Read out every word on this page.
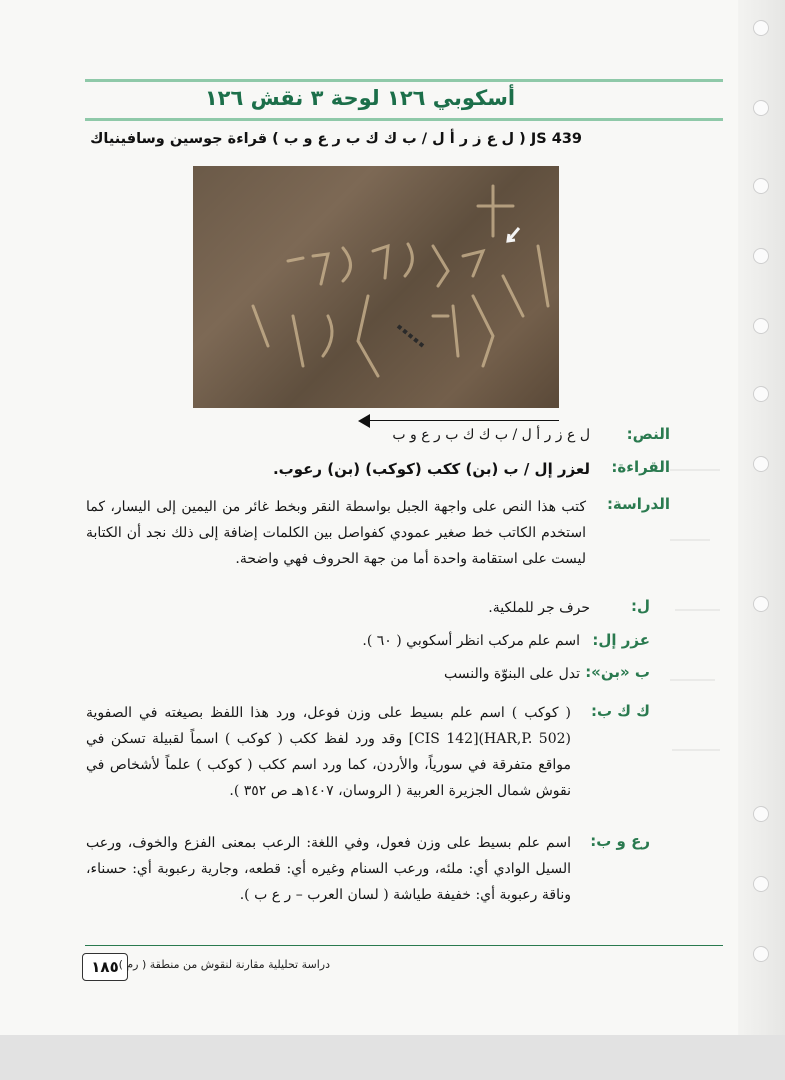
أسكوبي ١٢٦ لوحة ٣ نقش ١٢٦
JS 439 ( ل ع ز ر أ ل / ب ك ك ب ر ع و ب ) قراءة جوسين وسافينياك
النص:
القراءة:
الدراسة:
ل:
عزر إل:
ب «بن»:
ك ك ب:
رع و ب:
ل ع ز ر أ ل / ب ك ك ب ر ع و ب
لعزر إل / ب (بن) ككب (كوكب) (بن) رعوب.
كتب هذا النص على واجهة الجبل بواسطة النقر وبخط غائر من اليمين إلى اليسار، كما استخدم الكاتب خط صغير عمودي كفواصل بين الكلمات إضافة إلى ذلك نجد أن الكتابة ليست على استقامة واحدة أما من جهة الحروف فهي واضحة.
حرف جر للملكية.
اسم علم مركب انظر أسكوبي ( ٦٠ ).
تدل على البنوّة والنسب
( كوكب ) اسم علم بسيط على وزن فوعل، ورد هذا اللفظ بصيغته في الصفوية (HAR,P. 502)[CIS 142] وقد ورد لفظ ككب ( كوكب ) اسماً لقبيلة تسكن في مواقع متفرقة في سورياً، والأردن، كما ورد اسم ككب ( كوكب ) علماً لأشخاص في نقوش شمال الجزيرة العربية ( الروسان، ١٤٠٧هـ ص ٣٥٢ ).
اسم علم بسيط على وزن فعول، وفي اللغة: الرعب بمعنى الفزع والخوف، ورعب السيل الوادي أي: ملئه، ورعب السنام وغيره أي: قطعه، وجارية رعبوبة أي: حسناء، وناقة رعبوبة أي: خفيفة طياشة ( لسان العرب – ر ع ب ).
١٨٥ دراسة تحليلية مقارنة لنقوش من منطقة ( رم )
